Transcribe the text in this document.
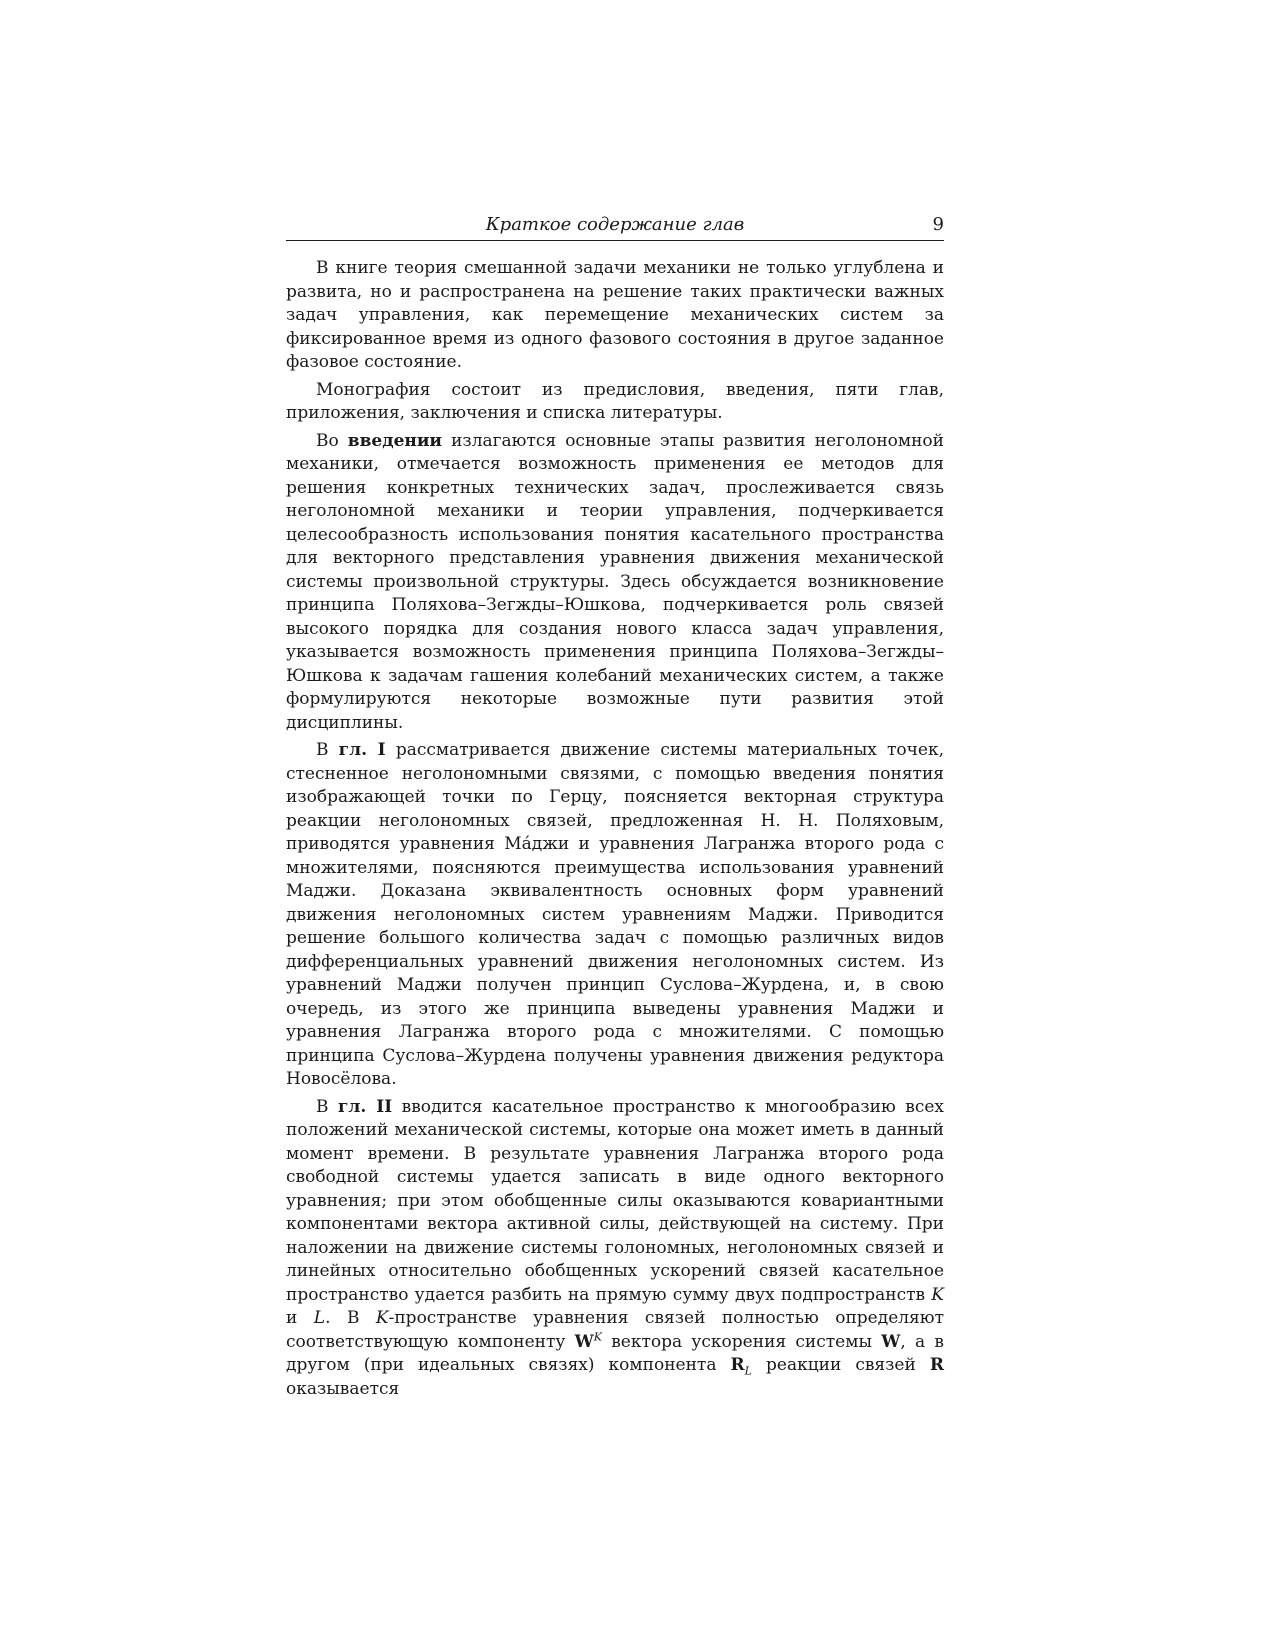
Краткое содержание глав	9

В книге теория смешанной задачи механики не только углублена и развита, но и распространена на решение таких практически важных задач управления, как перемещение механических систем за фиксированное время из одного фазового состояния в другое заданное фазовое состояние.

Монография состоит из предисловия, введения, пяти глав, приложения, заключения и списка литературы.

Во введении излагаются основные этапы развития неголономной механики, отмечается возможность применения ее методов для решения конкретных технических задач, прослеживается связь неголономной механики и теории управления, подчеркивается целесообразность использования понятия касательного пространства для векторного представления уравнения движения механической системы произвольной структуры. Здесь обсуждается возникновение принципа Поляхова–Зегжды–Юшкова, подчеркивается роль связей высокого порядка для создания нового класса задач управления, указывается возможность применения принципа Поляхова–Зегжды–Юшкова к задачам гашения колебаний механических систем, а также формулируются некоторые возможные пути развития этой дисциплины.

В гл. I рассматривается движение системы материальных точек, стесненное неголономными связями, с помощью введения понятия изображающей точки по Герцу, поясняется векторная структура реакции неголономных связей, предложенная Н. Н. Поляховым, приводятся уравнения Ма́джи и уравнения Лагранжа второго рода с множителями, поясняются преимущества использования уравнений Маджи. Доказана эквивалентность основных форм уравнений движения неголономных систем уравнениям Маджи. Приводится решение большого количества задач с помощью различных видов дифференциальных уравнений движения неголономных систем. Из уравнений Маджи получен принцип Суслова–Журдена, и, в свою очередь, из этого же принципа выведены уравнения Маджи и уравнения Лагранжа второго рода с множителями. С помощью принципа Суслова–Журдена получены уравнения движения редуктора Новосёлова.

В гл. II вводится касательное пространство к многообразию всех положений механической системы, которые она может иметь в данный момент времени. В результате уравнения Лагранжа второго рода свободной системы удается записать в виде одного векторного уравнения; при этом обобщенные силы оказываются ковариантными компонентами вектора активной силы, действующей на систему. При наложении на движение системы голономных, неголономных связей и линейных относительно обобщенных ускорений связей касательное пространство удается разбить на прямую сумму двух подпространств K и L. В K-пространстве уравнения связей полностью определяют соответствующую компоненту $W^K$ вектора ускорения системы W, а в другом (при идеальных связях) компонента $R_L$ реакции связей R оказывается
